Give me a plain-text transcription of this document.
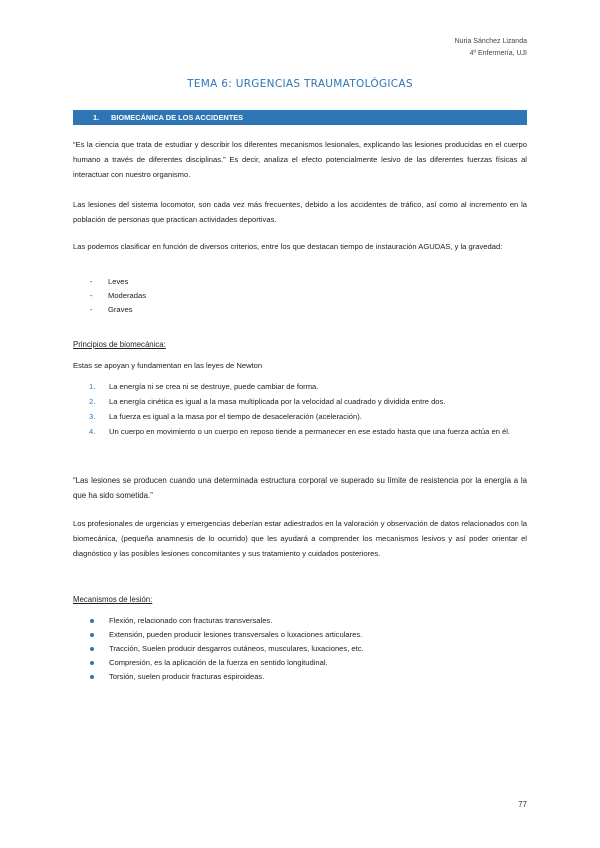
Nuria Sánchez Lizanda
4º Enfermería, UJI
TEMA 6: URGENCIAS TRAUMATOLÓGICAS
1. BIOMECÁNICA DE LOS ACCIDENTES
“Es la ciencia que trata de estudiar y describir los diferentes mecanismos lesionales, explicando las lesiones producidas en el cuerpo humano a través de diferentes disciplinas.” Es decir, analiza el efecto potencialmente lesivo de las diferentes fuerzas físicas al interactuar con nuestro organismo.
Las lesiones del sistema locomotor, son cada vez más frecuentes, debido a los accidentes de tráfico, así como al incremento en la población de personas que practican actividades deportivas.
Las podemos clasificar en función de diversos criterios, entre los que destacan tiempo de instauración AGUDAS, y la gravedad:
- Leves
- Moderadas
- Graves
Principios de biomecánica:
Estas se apoyan y fundamentan en las leyes de Newton
1. La energía ni se crea ni se destruye, puede cambiar de forma.
2. La energía cinética es igual a la masa multiplicada por la velocidad al cuadrado y dividida entre dos.
3. La fuerza es igual a la masa por el tiempo de desaceleración (aceleración).
4. Un cuerpo en movimiento o un cuerpo en reposo tiende a permanecer en ese estado hasta que una fuerza actúa en él.
“Las lesiones se producen cuando una determinada estructura corporal ve superado su límite de resistencia por la energía a la que ha sido sometida.”
Los profesionales de urgencias y emergencias deberían estar adiestrados en la valoración y observación de datos relacionados con la biomecánica, (pequeña anamnesis de lo ocurrido) que les ayudará a comprender los mecanismos lesivos y así poder orientar el diagnóstico y las posibles lesiones concomitantes y sus tratamiento y cuidados posteriores.
Mecanismos de lesión:
Flexión, relacionado con fracturas transversales.
Extensión, pueden producir lesiones transversales o luxaciones articulares.
Tracción, Suelen producir desgarros cutáneos, musculares, luxaciones, etc.
Compresión, es la aplicación de la fuerza en sentido longitudinal.
Torsión, suelen producir fracturas espiroideas.
77
